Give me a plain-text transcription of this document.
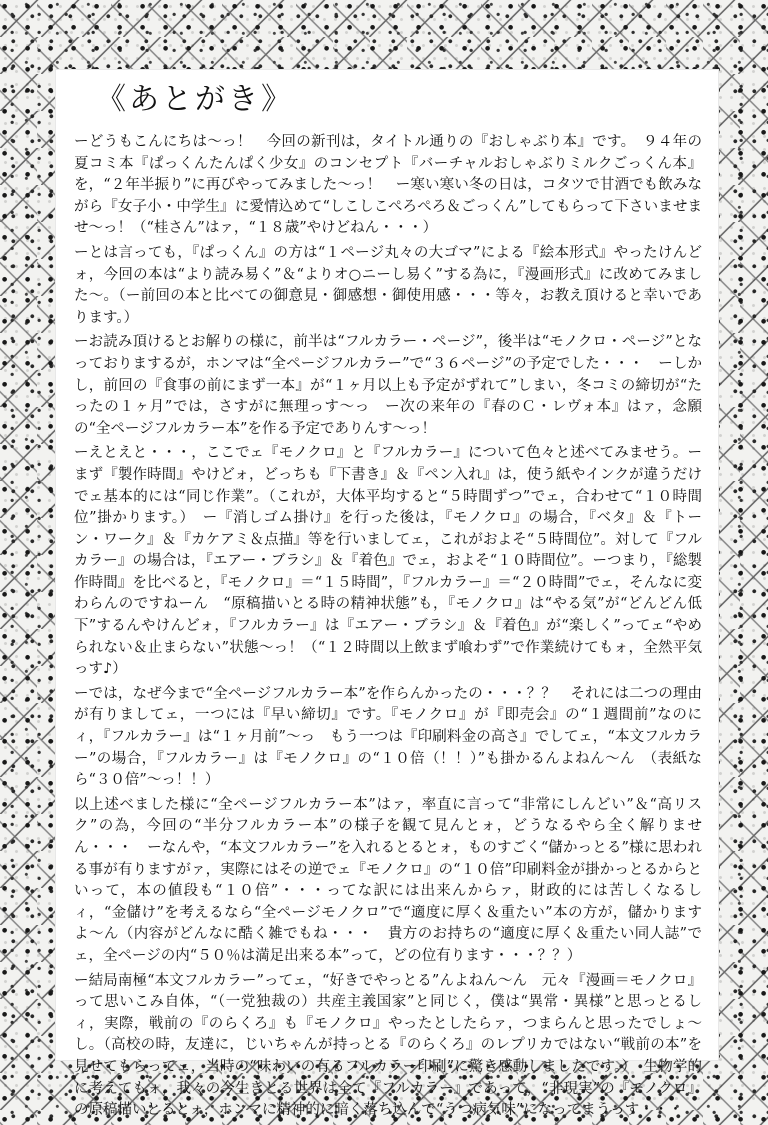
《あとがき》

ーどうもこんにちは〜っ！　今回の新刊は，タイトル通りの『おしゃぶり本』です。　９４年の夏コミ本『ぱっくんたんぱく少女』のコンセプト『バーチャルおしゃぶりミルクごっくん本』を，“２年半振り”に再びやってみました〜っ！　ー寒い寒い冬の日は，コタツで甘酒でも飲みながら『女子小・中学生』に愛情込めて“しこしこぺろぺろ＆ごっくん”してもらって下さいませませ〜っ！（“桂さん”はァ，“１８歳”やけどねん・・・）

ーとは言っても，『ぱっくん』の方は“１ページ丸々の大ゴマ”による『絵本形式』やったけんどォ，今回の本は“より読み易く”＆“よりオ○ニーし易く”する為に，『漫画形式』に改めてみました〜。（ー前回の本と比べての御意見・御感想・御使用感・・・等々，お教え頂けると幸いであります。）

ーお読み頂けるとお解りの様に，前半は“フルカラー・ページ”，後半は“モノクロ・ページ”となっておりまするが，ホンマは“全ページフルカラー”で“３６ページ”の予定でした・・・　ーしかし，前回の『食事の前にまず一本』が“１ヶ月以上も予定がずれて”しまい，冬コミの締切が“たったの１ヶ月”では，さすがに無理っす〜っ　ー次の来年の『春のＣ・レヴォ本』はァ，念願の“全ページフルカラー本”を作る予定でありんす〜っ！

ーえとえと・・・，ここでェ『モノクロ』と『フルカラー』について色々と述べてみませう。ーまず『製作時間』やけどォ，どっちも『下書き』＆『ペン入れ』は，使う紙やインクが違うだけでェ基本的には“同じ作業”。（これが，大体平均すると“５時間ずつ”でェ，合わせて“１０時間位”掛かります。）　ー『消しゴム掛け』を行った後は，『モノクロ』の場合，『ベタ』＆『トーン・ワーク』＆『カケアミ＆点描』等を行いましてェ，これがおよそ“５時間位”。対して『フルカラー』の場合は，『エアー・ブラシ』＆『着色』でェ，およそ“１０時間位”。ーつまり，『総製作時間』を比べると，『モノクロ』＝“１５時間”，『フルカラー』＝“２０時間”でェ，そんなに変わらんのですねーん　“原稿描いとる時の精神状態”も，『モノクロ』は“やる気”が“どんどん低下”するんやけんどォ，『フルカラー』は『エアー・ブラシ』＆『着色』が“楽しく”ってェ“やめられない＆止まらない”状態〜っ！（“１２時間以上飲まず喰わず”で作業続けてもォ，全然平気っす♪）

ーでは，なぜ今まで“全ページフルカラー本”を作らんかったの・・・？？　それには二つの理由が有りましてェ，一つには『早い締切』です。『モノクロ』が『即売会』の“１週間前”なのにィ，『フルカラー』は“１ヶ月前”〜っ　もう一つは『印刷料金の高さ』でしてェ，“本文フルカラー”の場合，『フルカラー』は『モノクロ』の“１０倍（！！）”も掛かるんよねん〜ん　（表紙なら“３０倍”〜っ！！）

以上述べました様に“全ページフルカラー本”はァ，率直に言って“非常にしんどい”＆“高リスク”の為，今回の“半分フルカラー本”の様子を観て見んとォ，どうなるやら全く解りません・・・　ーなんや，“本文フルカラー”を入れるとるとォ，ものすごく“儲かっとる”様に思われる事が有りますがァ，実際にはその逆でェ『モノクロ』の“１０倍”印刷料金が掛かっとるからといって，本の値段も“１０倍”・・・ってな訳には出来んからァ，財政的には苦しくなるしィ，“金儲け”を考えるなら“全ページモノクロ”で“適度に厚く＆重たい”本の方が，儲かりますよ〜ん（内容がどんなに酷く雑でもね・・・　貴方のお持ちの“適度に厚く＆重たい同人誌”でェ，全ページの内“５０％は満足出来る本”って，どの位有ります・・・？？）

ー結局南極“本文フルカラー”ってェ，“好きでやっとる”んよねん〜ん　元々『漫画＝モノクロ』って思いこみ自体，“（一党独裁の）共産主義国家”と同じく，僕は“異常・異様”と思っとるしィ，実際，戦前の『のらくろ』も『モノクロ』やったとしたらァ，つまらんと思ったでしょ〜し。（高校の時，友達に，じいちゃんが持っとる『のらくろ』のレプリカではない“戦前の本”を見せてもらってェ，当時の“味わいの有るフルカラー印刷”に驚き感動しましたです。）　生物学的に考えてもォ，我々の今生きとる世界は全て『フルカラー』であって，“非現実”の『モノクロ』の原稿描いとるとォ，ホンマに精神的に暗く落ち込んで“うつ病気味”になってまうっす・・・
